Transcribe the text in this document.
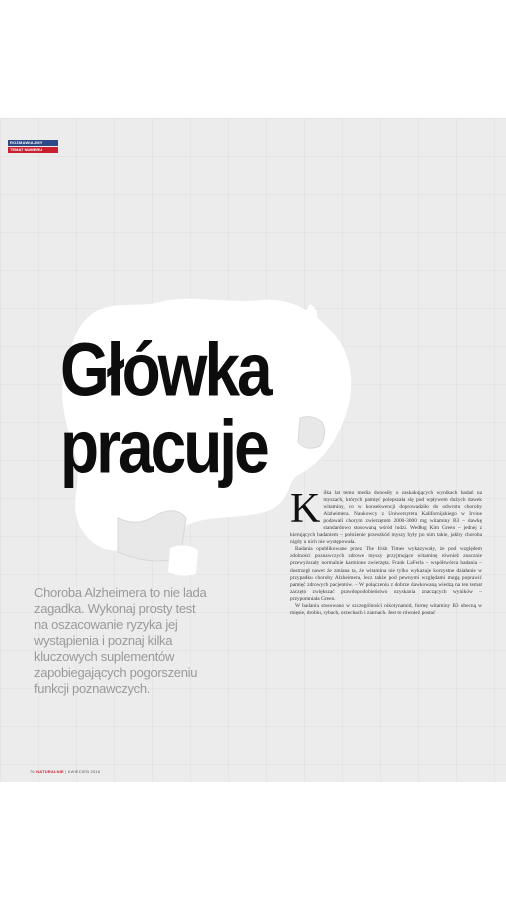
ROZMAWIAJMY
TEMAT NUMERU
Główka
pracuje
Choroba Alzheimera to nie lada zagadka. Wykonaj prosty test na oszacowanie ryzyka jej wystąpienia i poznaj kilka kluczowych suplementów zapobiegających pogorszeniu funkcji poznawczych.
K ilka lat temu media donosiły o zaskakujących wynikach badań na myszach, których pamięć polepszała się pod wpływem dużych dawek witaminy, co w konsekwencji doprowadziło do odwrotu choroby Alzheimera. Naukowcy z Uniwersytetu Kalifornijskiego w Irvine podawali chorym zwierzętom 2000-3000 mg witaminy B3 – dawkę standardowo stosowaną wśród ludzi. Według Kim Green – jednej z kierujących badaniem – położenie przeszkód myszy były po nim takie, jakby choroba nigdy u nich nie występowała.

Badania opublikowane przez The Irish Times wykazywały, że pod względem zdolności poznawczych zdrowe myszy przyjmujące witaminę również znacznie przewyższały normalnie karmione zwierzęta. Frank LaFerla – współtwórca badania – dostrzegł nawet że zmiana ta, że witamina nie tylko wykazuje korzystne działanie w przypadku choroby Alzheimera, lecz także pod pewnymi względami mogą poprawić pamięć zdrowych pacjentów. – W połączeniu z dobrze dawkowaną wiedzą na ten temat zaczęto zwiększać prawdopodobieństwo uzyskania znaczących wyników – przypomniała Green.

W badaniu stosowano w szczególności nikotynamid, formę witaminy B3 obecną w mięsie, drobiu, rybach, orzechach i ziarnach. Jest to również postać

76 NATURALNIE | KWIECIEŃ 2016
